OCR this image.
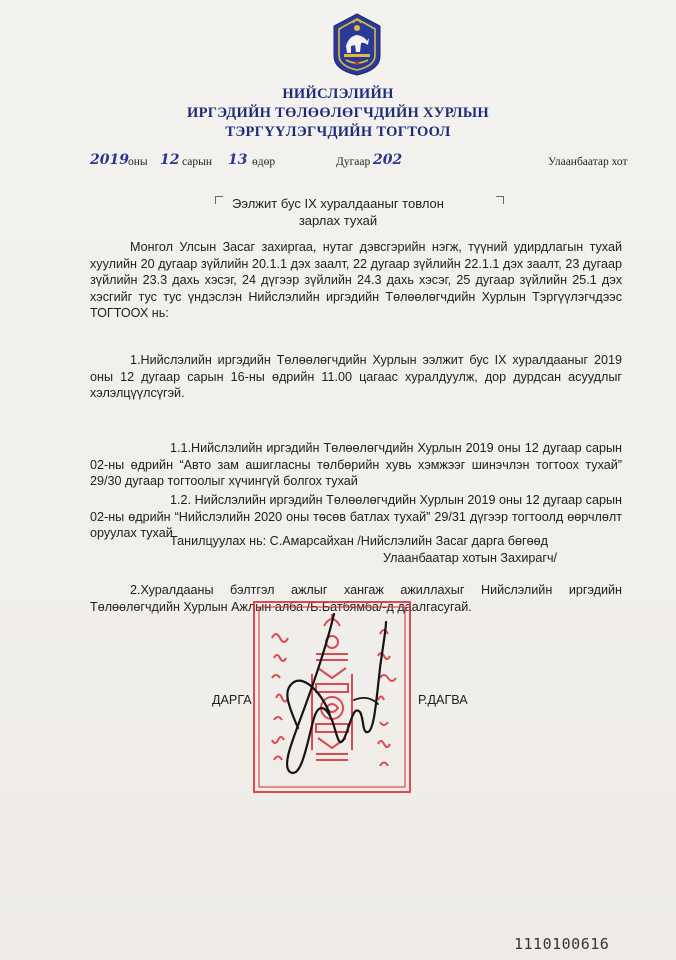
НИЙСЛЭЛИЙН
ИРГЭДИЙН ТӨЛӨӨЛӨГЧДИЙН ХУРЛЫН
ТЭРГҮҮЛЭГЧДИЙН ТОГТООЛ
2019 оны 12 сарын 13 өдөр	Дугаар 202	Улаанбаатар хот
Ээлжит бус IX хуралдааныг товлон
зарлах тухай

Монгол Улсын Засаг захиргаа, нутаг дэвсгэрийн нэгж, түүний удирдлагын тухай хуулийн 20 дугаар зүйлийн 20.1.1 дэх заалт, 22 дугаар зүйлийн 22.1.1 дэх заалт, 23 дугаар зүйлийн 23.3 дахь хэсэг, 24 дүгээр зүйлийн 24.3 дахь хэсэг, 25 дугаар зүйлийн 25.1 дэх хэсгийг тус тус үндэслэн Нийслэлийн иргэдийн Төлөөлөгчдийн Хурлын Тэргүүлэгчдээс ТОГТООХ нь:

1.Нийслэлийн иргэдийн Төлөөлөгчдийн Хурлын ээлжит бус IX хуралдааныг 2019 оны 12 дугаар сарын 16-ны өдрийн 11.00 цагаас хуралдуулж, дор дурдсан асуудлыг хэлэлцүүлсүгэй.

1.1.Нийслэлийн иргэдийн Төлөөлөгчдийн Хурлын 2019 оны 12 дугаар сарын 02-ны өдрийн “Авто зам ашигласны төлбөрийн хувь хэмжээг шинэчлэн тогтоох тухай” 29/30 дугаар тогтоолыг хүчингүй болгох тухай

1.2. Нийслэлийн иргэдийн Төлөөлөгчдийн Хурлын 2019 оны 12 дугаар сарын 02-ны өдрийн “Нийслэлийн 2020 оны төсөв батлах тухай” 29/31 дүгээр тогтоолд өөрчлөлт оруулах тухай

Танилцуулах нь: С.Амарсайхан /Нийслэлийн Засаг дарга бөгөөд
Улаанбаатар хотын Захирагч/

2.Хуралдааны бэлтгэл ажлыг хангаж ажиллахыг Нийслэлийн иргэдийн Төлөөлөгчдийн Хурлын Ажлын алба /Б.Батбямба/-д даалгасугай.

ДАРГА	Р.ДАГВА
1110100616
